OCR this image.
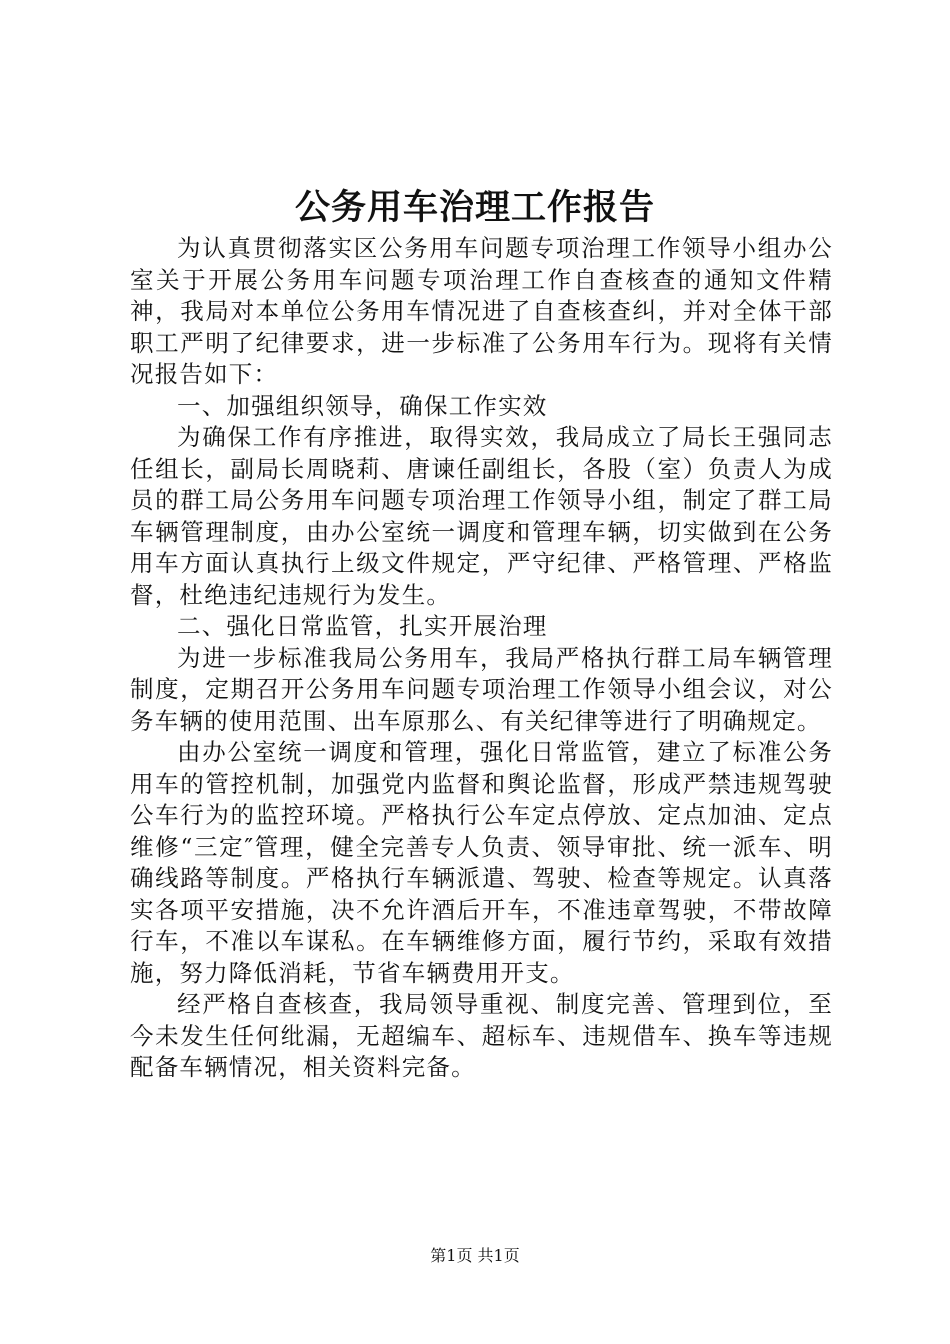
公务用车治理工作报告

为认真贯彻落实区公务用车问题专项治理工作领导小组办公室关于开展公务用车问题专项治理工作自查核查的通知文件精神，我局对本单位公务用车情况进了自查核查纠，并对全体干部职工严明了纪律要求，进一步标准了公务用车行为。现将有关情况报告如下：

一、加强组织领导，确保工作实效

为确保工作有序推进，取得实效，我局成立了局长王强同志任组长，副局长周晓莉、唐谏任副组长，各股（室）负责人为成员的群工局公务用车问题专项治理工作领导小组，制定了群工局车辆管理制度，由办公室统一调度和管理车辆，切实做到在公务用车方面认真执行上级文件规定，严守纪律、严格管理、严格监督，杜绝违纪违规行为发生。

二、强化日常监管，扎实开展治理

为进一步标准我局公务用车，我局严格执行群工局车辆管理制度，定期召开公务用车问题专项治理工作领导小组会议，对公务车辆的使用范围、出车原那么、有关纪律等进行了明确规定。

由办公室统一调度和管理，强化日常监管，建立了标准公务用车的管控机制，加强党内监督和舆论监督，形成严禁违规驾驶公车行为的监控环境。严格执行公车定点停放、定点加油、定点维修“三定″管理，健全完善专人负责、领导审批、统一派车、明确线路等制度。严格执行车辆派遣、驾驶、检查等规定。认真落实各项平安措施，决不允许酒后开车，不准违章驾驶，不带故障行车，不准以车谋私。在车辆维修方面，履行节约，采取有效措施，努力降低消耗，节省车辆费用开支。

经严格自查核查，我局领导重视、制度完善、管理到位，至今未发生任何纰漏，无超编车、超标车、违规借车、换车等违规配备车辆情况，相关资料完备。

第1页 共1页
